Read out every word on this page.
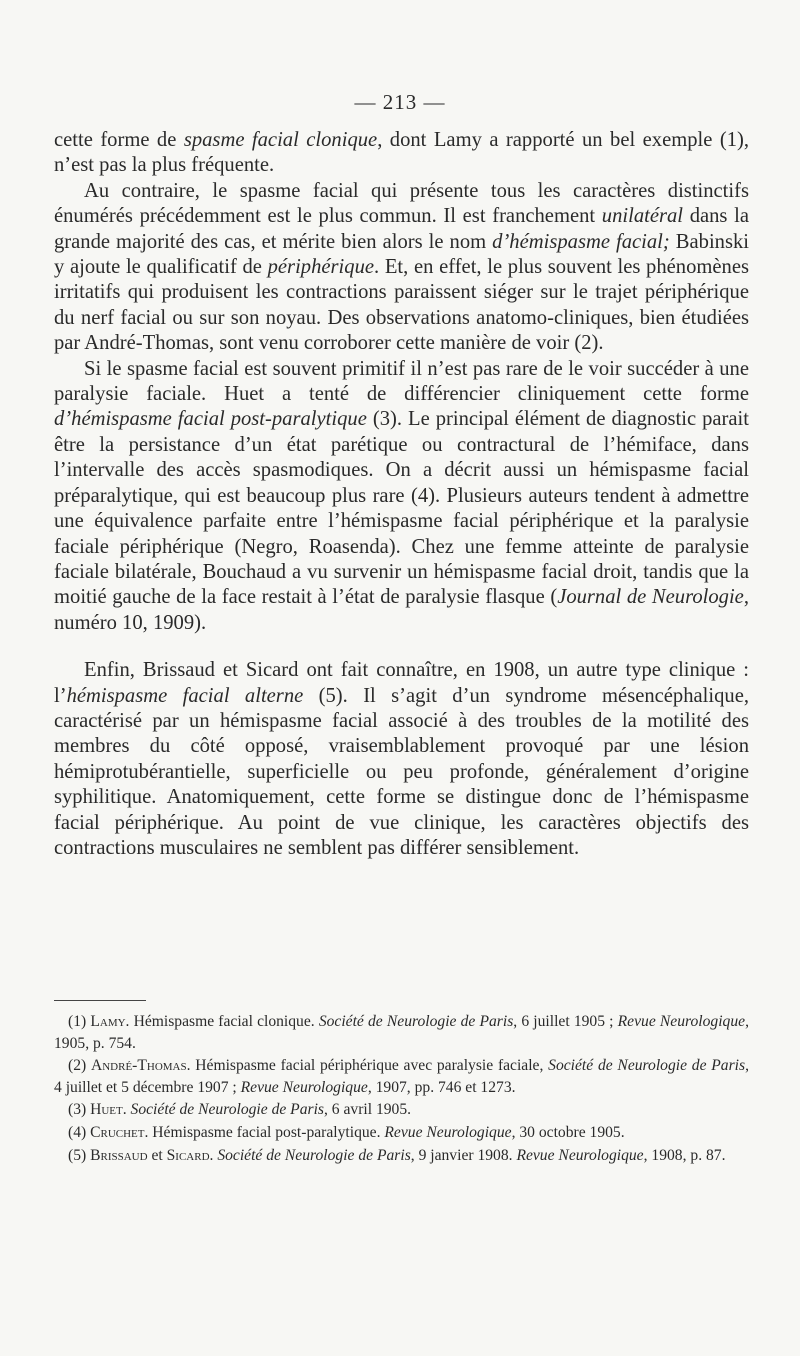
— 213 —

cette forme de spasme facial clonique, dont Lamy a rapporté un bel exemple (1), n’est pas la plus fréquente.

Au contraire, le spasme facial qui présente tous les caractères distinctifs énumérés précédemment est le plus commun. Il est franchement unilatéral dans la grande majorité des cas, et mérite bien alors le nom d’hémispasme facial; Babinski y ajoute le qualificatif de périphérique. Et, en effet, le plus souvent les phénomènes irritatifs qui produisent les contractions paraissent siéger sur le trajet périphérique du nerf facial ou sur son noyau. Des observations anatomo-cliniques, bien étudiées par André-Thomas, sont venu corroborer cette manière de voir (2).

Si le spasme facial est souvent primitif il n’est pas rare de le voir succéder à une paralysie faciale. Huet a tenté de différencier cliniquement cette forme d’hémispasme facial post-paralytique (3). Le principal élément de diagnostic parait être la persistance d’un état parétique ou contractural de l’hémiface, dans l’intervalle des accès spasmodiques. On a décrit aussi un hémispasme facial préparalytique, qui est beaucoup plus rare (4). Plusieurs auteurs tendent à admettre une équivalence parfaite entre l’hémispasme facial périphérique et la paralysie faciale périphérique (Negro, Roasenda). Chez une femme atteinte de paralysie faciale bilatérale, Bouchaud a vu survenir un hémispasme facial droit, tandis que la moitié gauche de la face restait à l’état de paralysie flasque (Journal de Neurologie, numéro 10, 1909).

Enfin, Brissaud et Sicard ont fait connaître, en 1908, un autre type clinique : l’hémispasme facial alterne (5). Il s’agit d’un syndrome mésencéphalique, caractérisé par un hémispasme facial associé à des troubles de la motilité des membres du côté opposé, vraisemblablement provoqué par une lésion hémiprotubérantielle, superficielle ou peu profonde, généralement d’origine syphilitique. Anatomiquement, cette forme se distingue donc de l’hémispasme facial périphérique. Au point de vue clinique, les caractères objectifs des contractions musculaires ne semblent pas différer sensiblement.

(1) Lamy. Hémispasme facial clonique. Société de Neurologie de Paris, 6 juillet 1905 ; Revue Neurologique, 1905, p. 754.

(2) André-Thomas. Hémispasme facial périphérique avec paralysie faciale, Société de Neurologie de Paris, 4 juillet et 5 décembre 1907 ; Revue Neurologique, 1907, pp. 746 et 1273.

(3) Huet. Société de Neurologie de Paris, 6 avril 1905.

(4) Cruchet. Hémispasme facial post-paralytique. Revue Neurologique, 30 octobre 1905.

(5) Brissaud et Sicard. Société de Neurologie de Paris, 9 janvier 1908. Revue Neurologique, 1908, p. 87.
